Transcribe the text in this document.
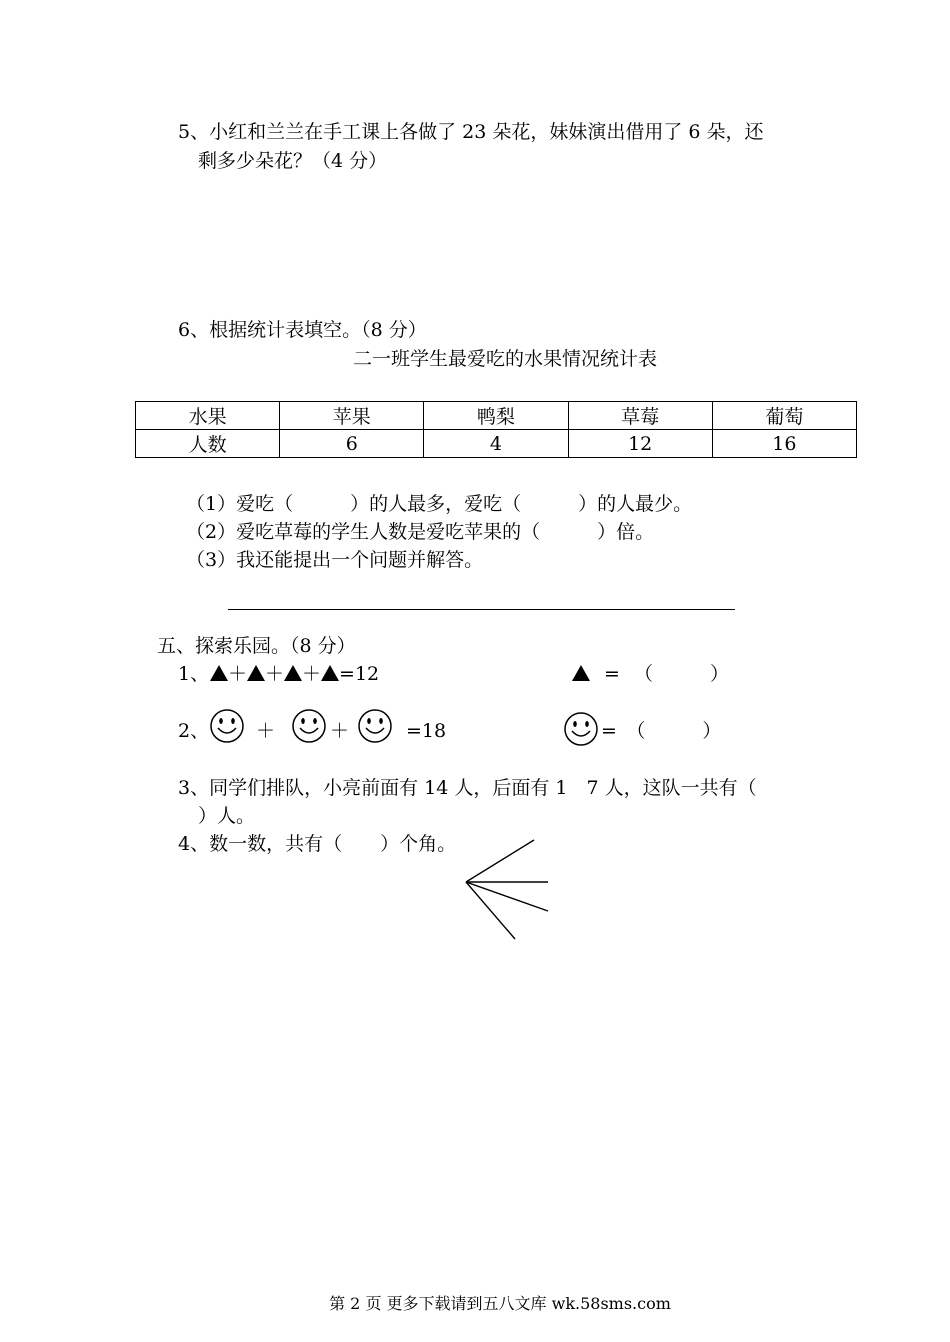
5、小红和兰兰在手工课上各做了 23 朵花，妹妹演出借用了 6 朵，还
剩多少朵花？（4 分）
6、根据统计表填空。（8 分）
二一班学生最爱吃的水果情况统计表
水果	苹果	鸭梨	草莓	葡萄
人数	6	4	12	16
（1）爱吃（　　　）的人最多，爱吃（　　　）的人最少。
（2）爱吃草莓的学生人数是爱吃苹果的（　　　）倍。
（3）我还能提出一个问题并解答。
五、探索乐园。（8 分）
1、 ＋ ＋ ＋ =12	= （　　　）
2、 ＋	＋	=18	=　（　　　）
3、同学们排队，小亮前面有 14 人，后面有 1　7 人，这队一共有（
）人。
4、数一数，共有（　　）个角。
第 2 页 更多下载请到五八文库 wk.58sms.com
